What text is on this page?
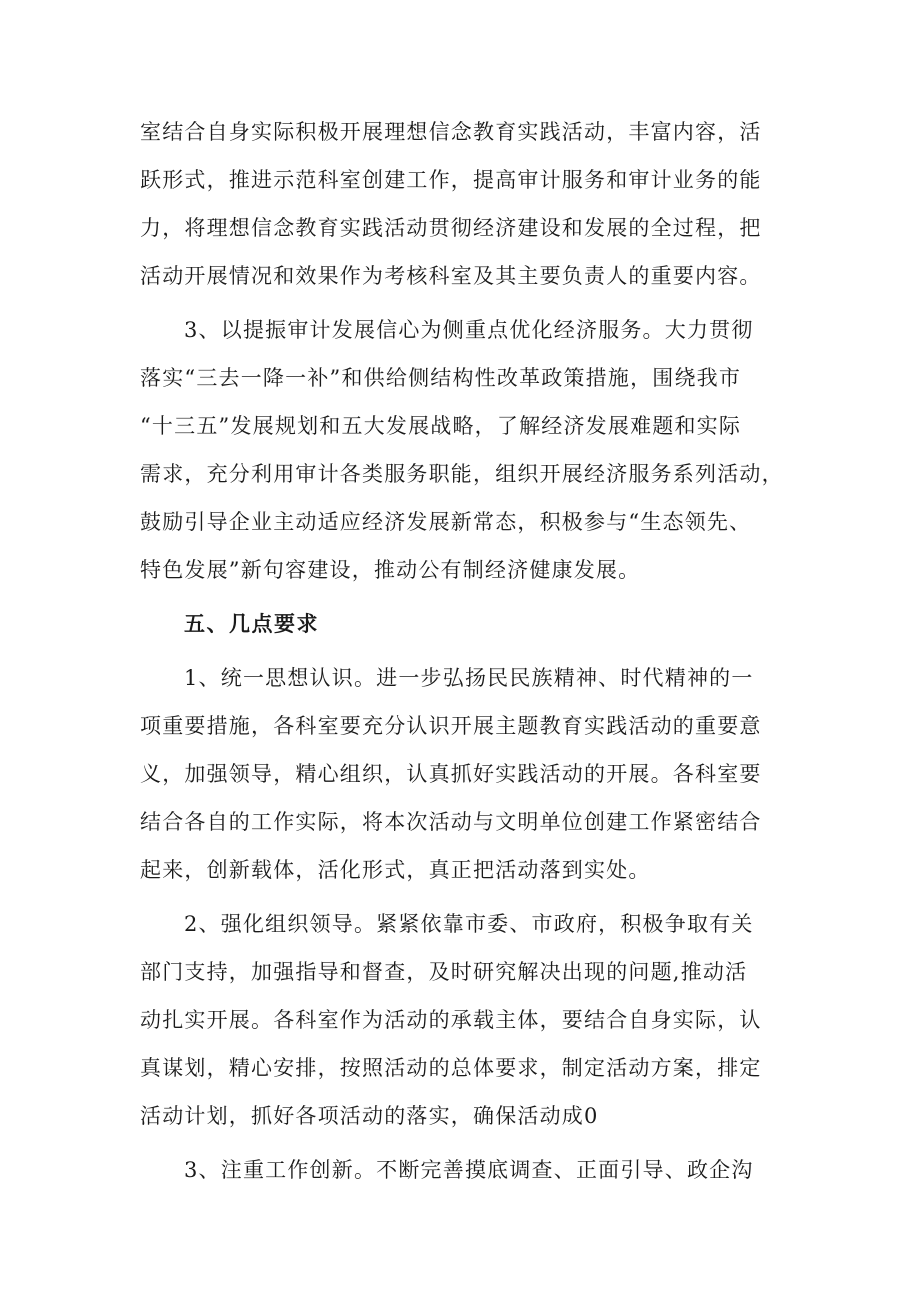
室结合自身实际积极开展理想信念教育实践活动，丰富内容，活
跃形式，推进示范科室创建工作，提高审计服务和审计业务的能
力，将理想信念教育实践活动贯彻经济建设和发展的全过程，把
活动开展情况和效果作为考核科室及其主要负责人的重要内容。
3、以提振审计发展信心为侧重点优化经济服务。大力贯彻
落实“三去一降一补”和供给侧结构性改革政策措施，围绕我市
“十三五”发展规划和五大发展战略，了解经济发展难题和实际
需求，充分利用审计各类服务职能，组织开展经济服务系列活动，
鼓励引导企业主动适应经济发展新常态，积极参与“生态领先、
特色发展”新句容建设，推动公有制经济健康发展。
五、几点要求
1、统一思想认识。进一步弘扬民民族精神、时代精神的一
项重要措施，各科室要充分认识开展主题教育实践活动的重要意
义，加强领导，精心组织，认真抓好实践活动的开展。各科室要
结合各自的工作实际，将本次活动与文明单位创建工作紧密结合
起来，创新载体，活化形式，真正把活动落到实处。
2、强化组织领导。紧紧依靠市委、市政府，积极争取有关
部门支持，加强指导和督查，及时研究解决出现的问题,推动活
动扎实开展。各科室作为活动的承载主体，要结合自身实际，认
真谋划，精心安排，按照活动的总体要求，制定活动方案，排定
活动计划，抓好各项活动的落实，确保活动成0
3、注重工作创新。不断完善摸底调查、正面引导、政企沟
